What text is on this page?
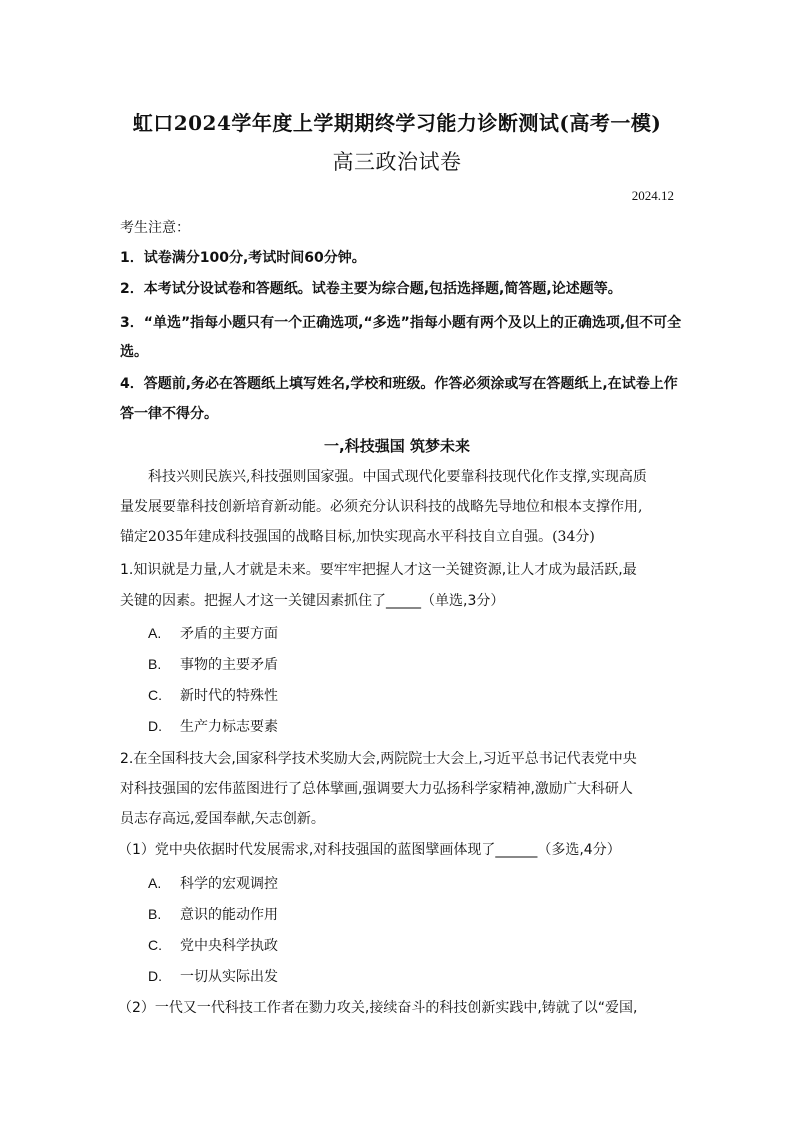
虹口2024学年度上学期期终学习能力诊断测试(高考一模)
高三政治试卷
2024.12
考生注意：
1．试卷满分100分,考试时间60分钟。
2．本考试分设试卷和答题纸。试卷主要为综合题,包括选择题,简答题,论述题等。
3．“单选”指每小题只有一个正确选项,“多选”指每小题有两个及以上的正确选项,但不可全
选。
4．答题前,务必在答题纸上填写姓名,学校和班级。作答必须涂或写在答题纸上,在试卷上作
答一律不得分。
一,科技强国 筑梦未来
科技兴则民族兴,科技强则国家强。中国式现代化要靠科技现代化作支撑,实现高质
量发展要靠科技创新培育新动能。必须充分认识科技的战略先导地位和根本支撑作用,
锚定2035年建成科技强国的战略目标,加快实现高水平科技自立自强。(34分)
1.知识就是力量,人才就是未来。要牢牢把握人才这一关键资源,让人才成为最活跃,最
关键的因素。把握人才这一关键因素抓住了_____（单选,3分）
A. 矛盾的主要方面
B. 事物的主要矛盾
C. 新时代的特殊性
D. 生产力标志要素
2.在全国科技大会,国家科学技术奖励大会,两院院士大会上,习近平总书记代表党中央
对科技强国的宏伟蓝图进行了总体擘画,强调要大力弘扬科学家精神,激励广大科研人
员志存高远,爱国奉献,矢志创新。
（1）党中央依据时代发展需求,对科技强国的蓝图擘画体现了______（多选,4分）
A. 科学的宏观调控
B. 意识的能动作用
C. 党中央科学执政
D. 一切从实际出发
（2）一代又一代科技工作者在勠力攻关,接续奋斗的科技创新实践中,铸就了以“爱国,
